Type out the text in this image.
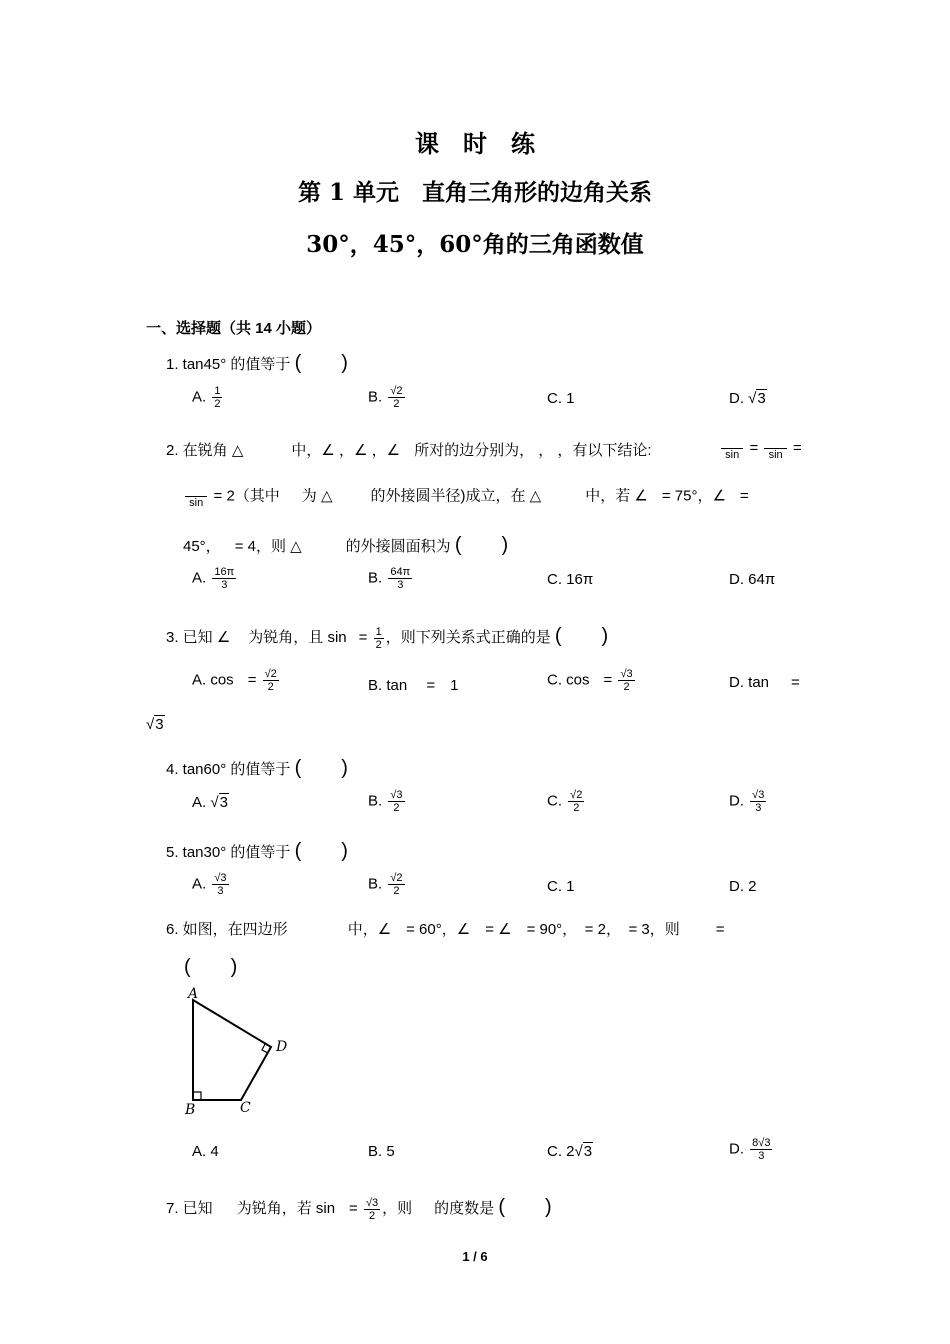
课　时　练
第 1 单元　直角三角形的边角关系
30°，45°，60°角的三角函数值
一、选择题（共 14 小题）
1. tan45° 的值等于 (　　)
A. $\frac{1}{2}$	B. $\frac{√2}{2}$	C. 1	D. √3
2. 在锐角 △	中，∠ ，∠ ，∠ 所对的边分别为， ， ，有以下结论:
	sin =
sin =

sin = 2（其中 为 △	的外接圆半径)成立，在 △	中，若 ∠ = 75°，∠ =
45°， = 4，则 △	的外接圆面积为 (　　)
A. $\frac{16\pi}{3}$	B. $\frac{64\pi}{3}$	C. 16π	D. 64π
3. 已知 ∠ 为锐角，且 $\sin = \frac{1}{2}$ ，则下列关系式正确的是 (　　)
A. $\cos = \frac{√2}{2}$	B. tan　 =　1	C. $\cos = \frac{√3}{2}$	D. tan =
√3
4. tan60° 的值等于 (　　)
A. √3	B. $\frac{√3}{2}$	C. $\frac{√2}{2}$	D. $\frac{√3}{3}$
5. tan30° 的值等于 (　　)
A. $\frac{√3}{3}$	B. $\frac{√2}{2}$	C. 1	D. 2
6. 如图，在四边形	中，∠　= 60°，∠　= ∠　= 90°，　= 2，　= 3，则 =
(　　)
A
B	C
D
A. 4	B. 5	C. 2√3	D. $\frac{8√3}{3}$
7. 已知 为锐角，若 $\sin = \frac{√3}{2}$ ，则 的度数是 (　　)
1 / 6
